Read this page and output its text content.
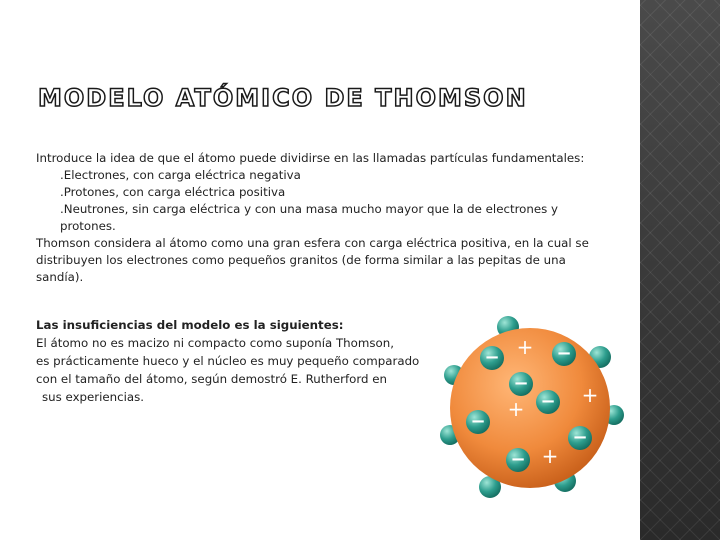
MODELO ATÓMICO DE THOMSON

Introduce la idea de que el átomo puede dividirse en las llamadas partículas fundamentales:

.Electrones, con carga eléctrica negativa

.Protones, con carga eléctrica positiva

.Neutrones, sin carga eléctrica y con una masa mucho mayor que la de electrones y protones.

Thomson considera al átomo como una gran esfera con carga eléctrica positiva, en la cual se distribuyen los electrones como pequeños granitos (de forma similar a las pepitas de una sandía).

Las insuficiencias del modelo es la siguientes:

El átomo no es macizo ni compacto como suponía Thomson,

es prácticamente hueco y el núcleo es muy pequeño comparado

con el tamaño del átomo, según demostró E. Rutherford en

sus experiencias.

−	−
−
−
−
−
−
+
+
+
+
